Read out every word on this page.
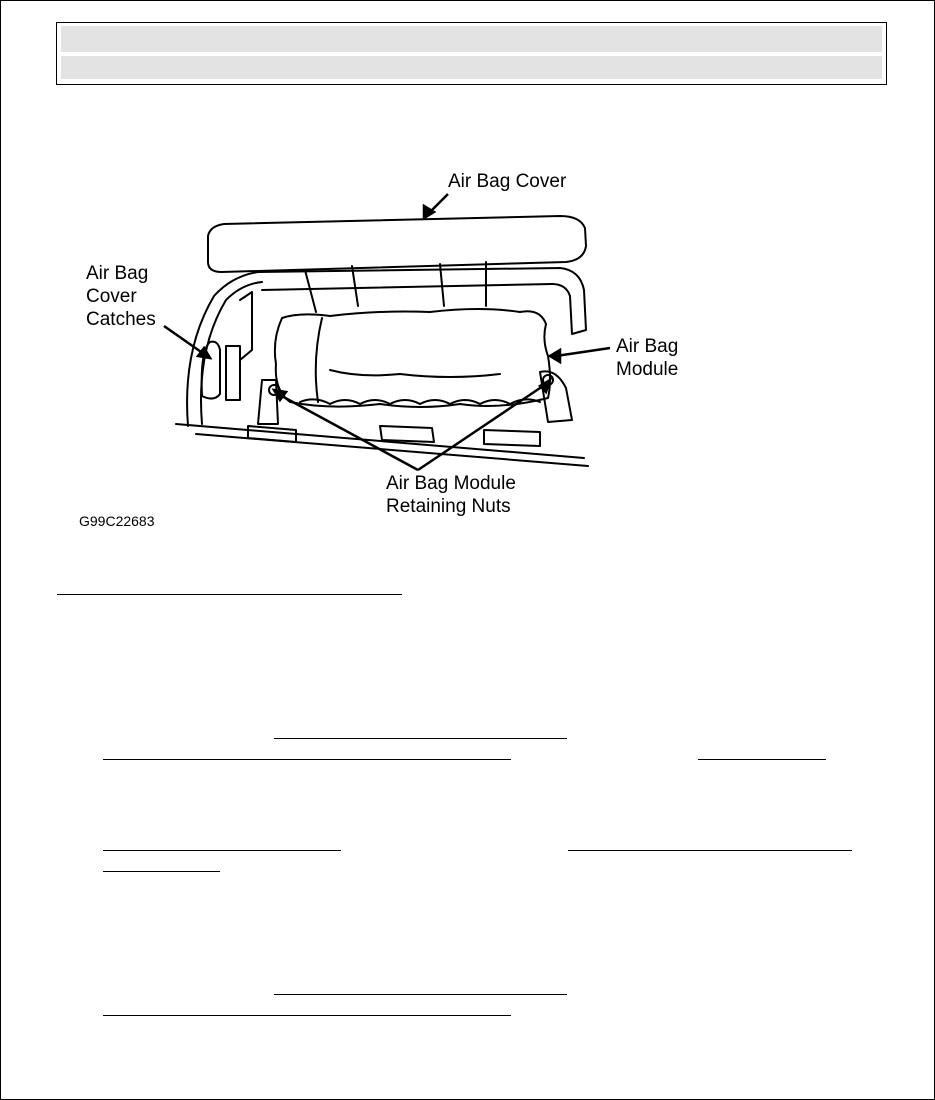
Air Bag Cover
Air Bag
Cover
Catches
Air Bag
Module
Air Bag Module
Retaining Nuts
G99C22683
